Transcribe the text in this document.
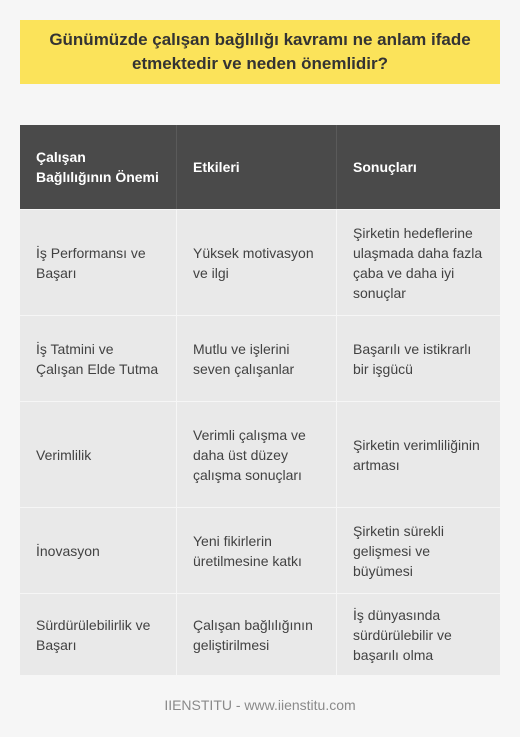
Günümüzde çalışan bağlılığı kavramı ne anlam ifade etmektedir ve neden önemlidir?
Çalışan Bağlılığının Önemi	Etkileri	Sonuçları
İş Performansı ve Başarı	Yüksek motivasyon ve ilgi	Şirketin hedeflerine ulaşmada daha fazla çaba ve daha iyi sonuçlar
İş Tatmini ve Çalışan Elde Tutma	Mutlu ve işlerini seven çalışanlar	Başarılı ve istikrarlı bir işgücü
Verimlilik	Verimli çalışma ve daha üst düzey çalışma sonuçları	Şirketin verimliliğinin artması
İnovasyon	Yeni fikirlerin üretilmesine katkı	Şirketin sürekli gelişmesi ve büyümesi
Sürdürülebilirlik ve Başarı	Çalışan bağlılığının geliştirilmesi	İş dünyasında sürdürülebilir ve başarılı olma
IIENSTITU - www.iienstitu.com
